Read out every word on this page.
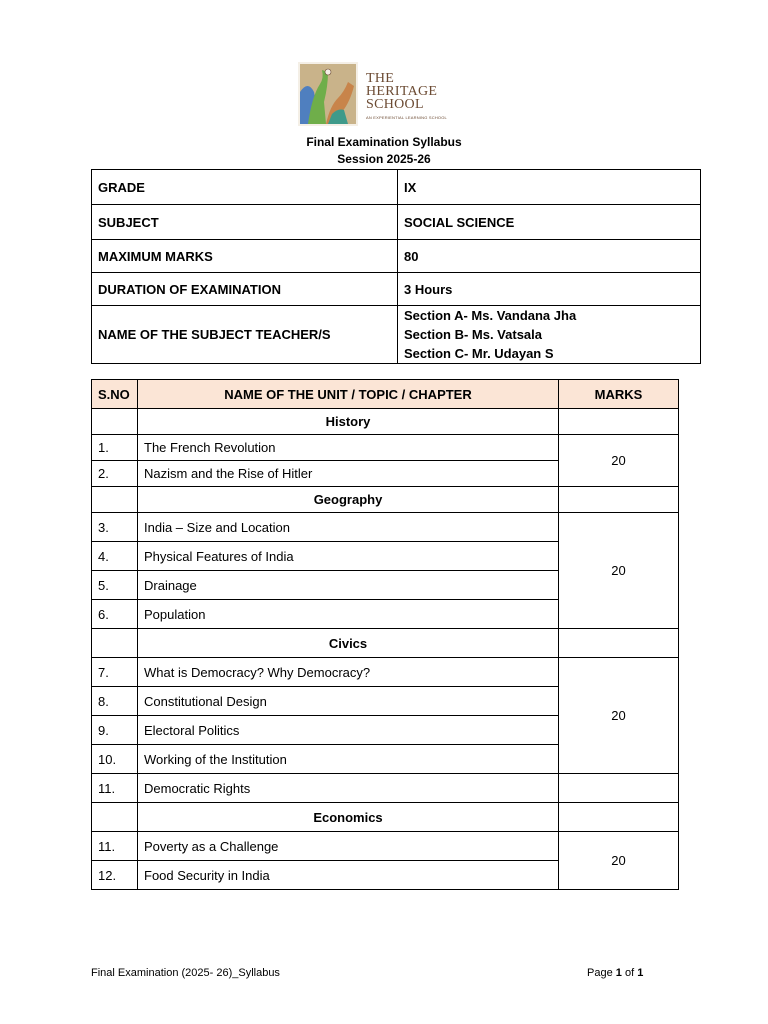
THE
HERITAGE
SCHOOL
AN EXPERIENTIAL LEARNING SCHOOL
Final Examination Syllabus
Session 2025-26
GRADE	IX
SUBJECT	SOCIAL SCIENCE
MAXIMUM MARKS	80
DURATION OF EXAMINATION	3 Hours
NAME OF THE SUBJECT TEACHER/S	Section A- Ms. Vandana Jha
Section B- Ms. Vatsala
Section C- Mr. Udayan S
S.NO	NAME OF THE UNIT / TOPIC / CHAPTER	MARKS
	History	
1.	The French Revolution	20
2.	Nazism and the Rise of Hitler	
	Geography	
3.	India – Size and Location	20
4.	Physical Features of India	
5.	Drainage	
6.	Population	
	Civics	
7.	What is Democracy? Why Democracy?	20
8.	Constitutional Design	
9.	Electoral Politics	
10.	Working of the Institution	
11.	Democratic Rights	
	Economics	
11.	Poverty as a Challenge	20
12.	Food Security in India	
Final Examination (2025- 26)_Syllabus	Page 1 of 1
